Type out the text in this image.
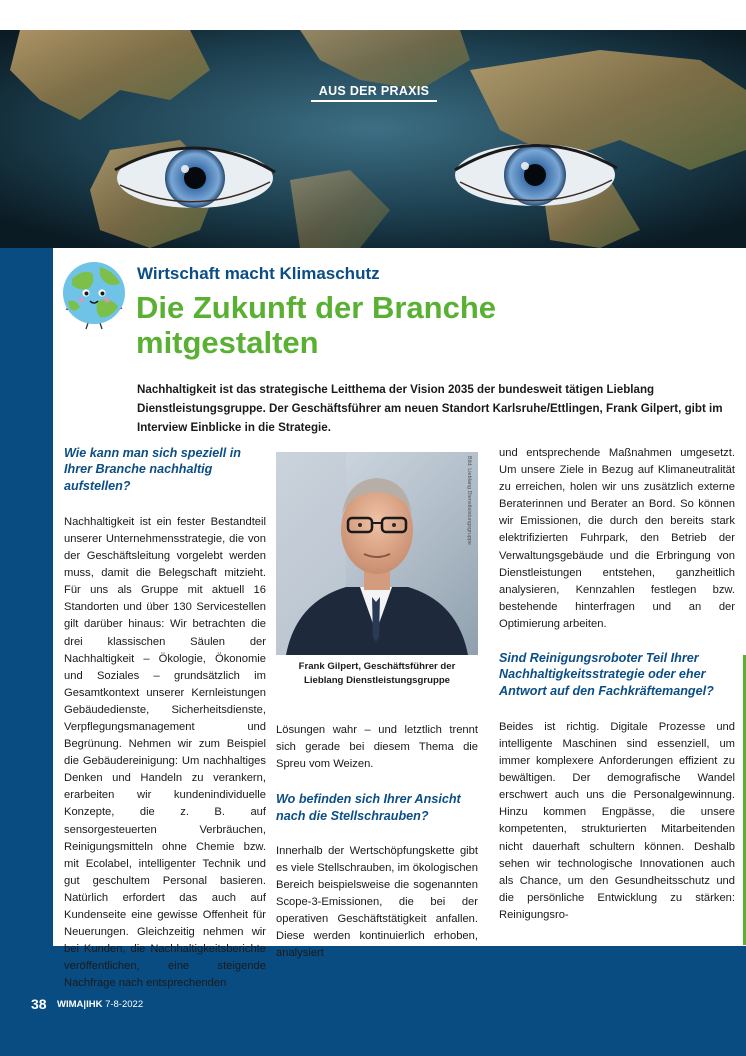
AUS DER PRAXIS
Wirtschaft macht Klimaschutz
Die Zukunft der Branche
mitgestalten
Nachhaltigkeit ist das strategische Leitthema der Vision 2035 der bundesweit tätigen Lieblang Dienstleistungsgruppe. Der Geschäftsführer am neuen Standort Karlsruhe/Ettlingen, Frank Gilpert, gibt im Interview Einblicke in die Strategie.
Wie kann man sich speziell in Ihrer Branche nachhaltig aufstellen?

Nachhaltigkeit ist ein fester Bestandteil unserer Unternehmensstrategie, die von der Geschäftsleitung vorgelebt werden muss, damit die Belegschaft mitzieht. Für uns als Gruppe mit aktuell 16 Standorten und über 130 Servicestellen gilt darüber hinaus: Wir betrachten die drei klassischen Säulen der Nachhaltigkeit – Ökologie, Ökonomie und Soziales – grundsätzlich im Gesamtkontext unserer Kernleistungen Gebäudedienste, Sicherheitsdienste, Verpflegungsmanagement und Begrünung. Nehmen wir zum Beispiel die Gebäudereinigung: Um nachhaltiges Denken und Handeln zu verankern, erarbeiten wir kundenindividuelle Konzepte, die z. B. auf sensorgesteuerten Verbräuchen, Reinigungsmitteln ohne Chemie bzw. mit Ecolabel, intelligenter Technik und gut geschultem Personal basieren. Natürlich erfordert das auch auf Kundenseite eine gewisse Offenheit für Neuerungen. Gleichzeitig nehmen wir bei Kunden, die Nachhaltigkeitsberichte veröffentlichen, eine steigende Nachfrage nach entsprechenden

Bild: Lieblang Dienstleistungsgruppe
Frank Gilpert, Geschäftsführer der
Lieblang Dienstleistungsgruppe

Lösungen wahr – und letztlich trennt sich gerade bei diesem Thema die Spreu vom Weizen.

Wo befinden sich Ihrer Ansicht nach die Stellschrauben?

Innerhalb der Wertschöpfungskette gibt es viele Stellschrauben, im ökologischen Bereich beispielsweise die sogenannten Scope-3-Emissionen, die bei der operativen Geschäftstätigkeit anfallen. Diese werden kontinuierlich erhoben, analysiert

und entsprechende Maßnahmen umgesetzt. Um unsere Ziele in Bezug auf Klimaneutralität zu erreichen, holen wir uns zusätzlich externe Beraterinnen und Berater an Bord. So können wir Emissionen, die durch den bereits stark elektrifizierten Fuhrpark, den Betrieb der Verwaltungsgebäude und die Erbringung von Dienstleistungen entstehen, ganzheitlich analysieren, Kennzahlen festlegen bzw. bestehende hinterfragen und an der Optimierung arbeiten.

Sind Reinigungsroboter Teil Ihrer Nachhaltigkeitsstrategie oder eher Antwort auf den Fachkräftemangel?

Beides ist richtig. Digitale Prozesse und intelligente Maschinen sind essenziell, um immer komplexere Anforderungen effizient zu bewältigen. Der demografische Wandel erschwert auch uns die Personalgewinnung. Hinzu kommen Engpässe, die unsere kompetenten, strukturierten Mitarbeitenden nicht dauerhaft schultern können. Deshalb sehen wir technologische Innovationen auch als Chance, um den Gesundheitsschutz und die persönliche Entwicklung zu stärken: Reinigungsro-

38 WIMA|IHK 7-8-2022
